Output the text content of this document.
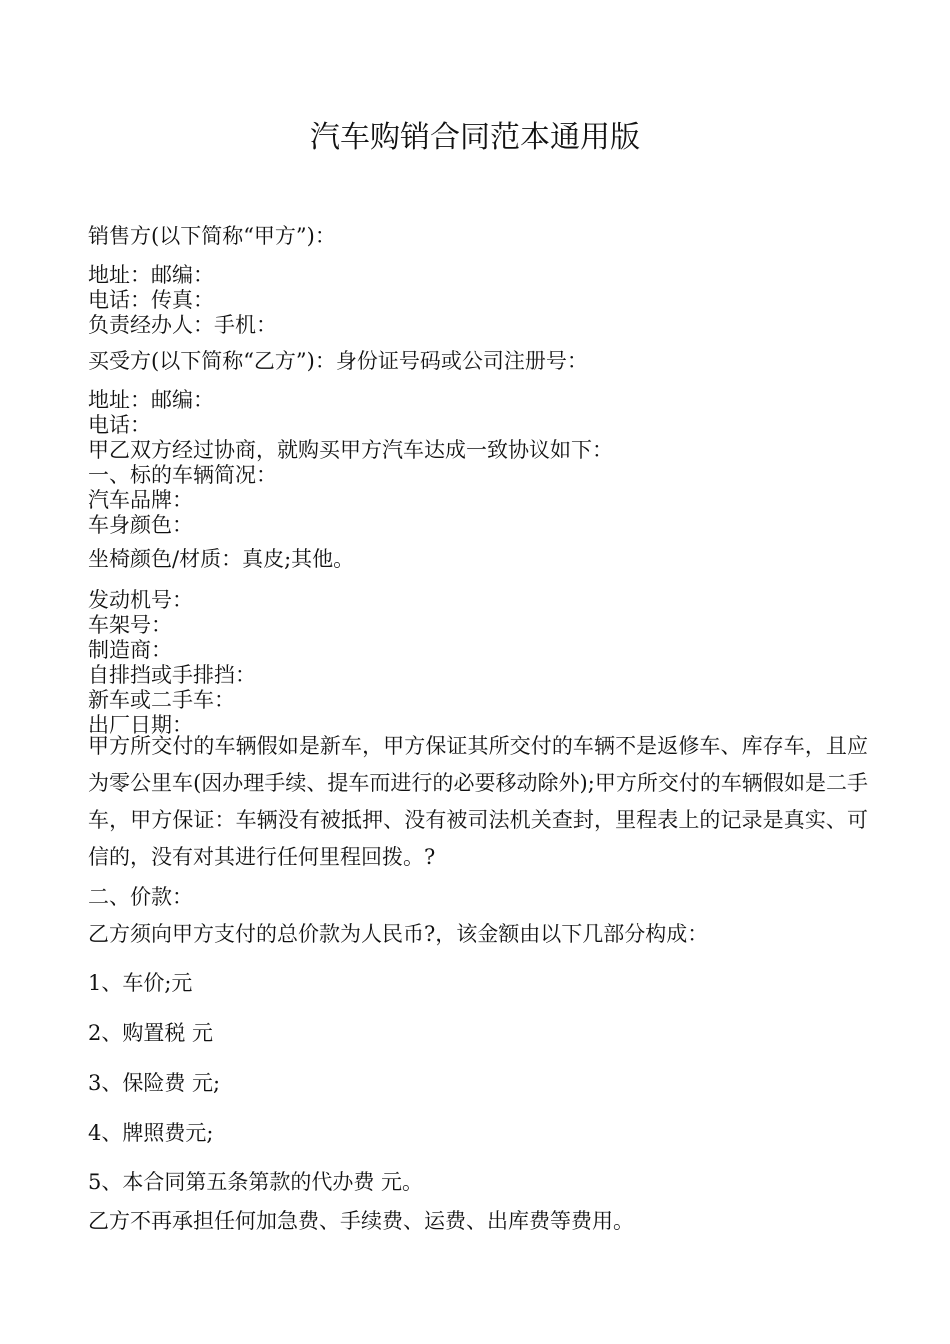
汽车购销合同范本通用版

销售方(以下简称“甲方”)：

地址：邮编：

电话：传真：

负责经办人：手机：

买受方(以下简称“乙方”)：身份证号码或公司注册号：

地址：邮编：

电话：

甲乙双方经过协商，就购买甲方汽车达成一致协议如下：

一、标的车辆简况：

汽车品牌：

车身颜色：

坐椅颜色/材质：真皮;其他。

发动机号：

车架号：

制造商：

自排挡或手排挡：

新车或二手车：

出厂日期：

甲方所交付的车辆假如是新车，甲方保证其所交付的车辆不是返修车、库存车，且应为零公里车(因办理手续、提车而进行的必要移动除外);甲方所交付的车辆假如是二手车，甲方保证：车辆没有被抵押、没有被司法机关查封，里程表上的记录是真实、可信的，没有对其进行任何里程回拨。?

二、价款：

乙方须向甲方支付的总价款为人民币?，该金额由以下几部分构成：

1、车价;元

2、购置税 元

3、保险费 元;

4、牌照费元;

5、本合同第五条第款的代办费 元。

乙方不再承担任何加急费、手续费、运费、出库费等费用。
